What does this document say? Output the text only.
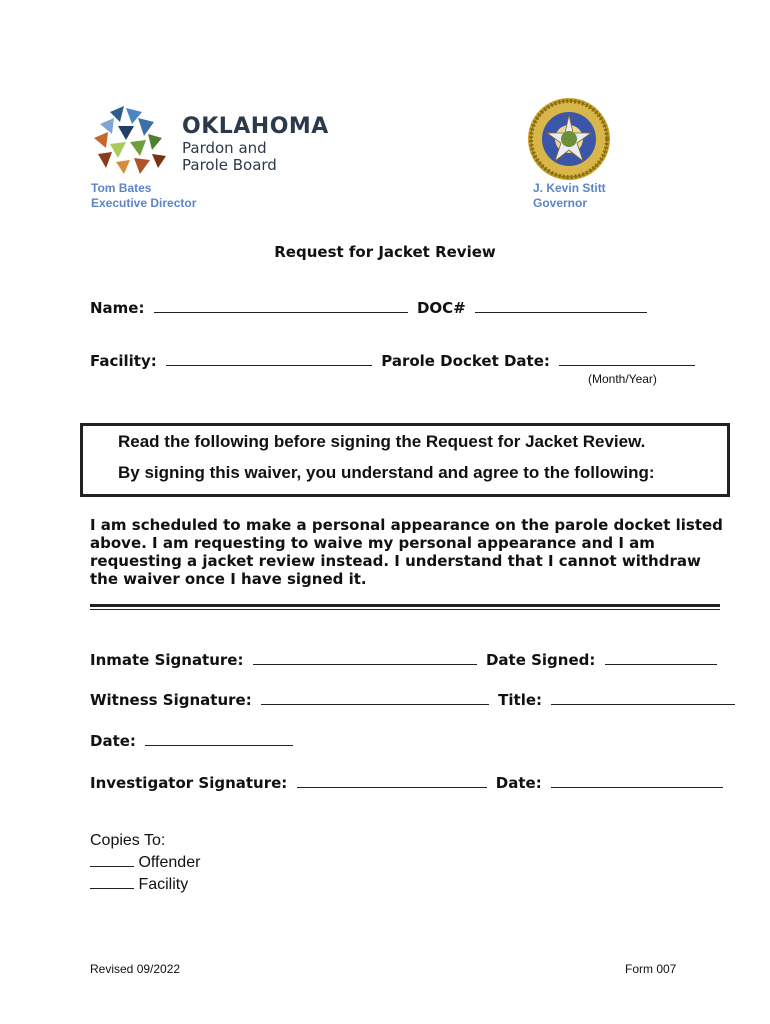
OKLAHOMA
Pardon and
Parole Board
Tom Bates
Executive Director
J. Kevin Stitt
Governor
Request for Jacket Review
Name:	DOC#
Facility:	Parole Docket Date:
(Month/Year)
Read the following before signing the Request for Jacket Review.
By signing this waiver, you understand and agree to the following:
I am scheduled to make a personal appearance on the parole docket listed above. I am requesting to waive my personal appearance and I am requesting a jacket review instead. I understand that I cannot withdraw the waiver once I have signed it.
Inmate Signature:	Date Signed:
Witness Signature:	Title:
Date:
Investigator Signature:	Date:
Copies To:
Offender
Facility
Revised 09/2022	Form 007
